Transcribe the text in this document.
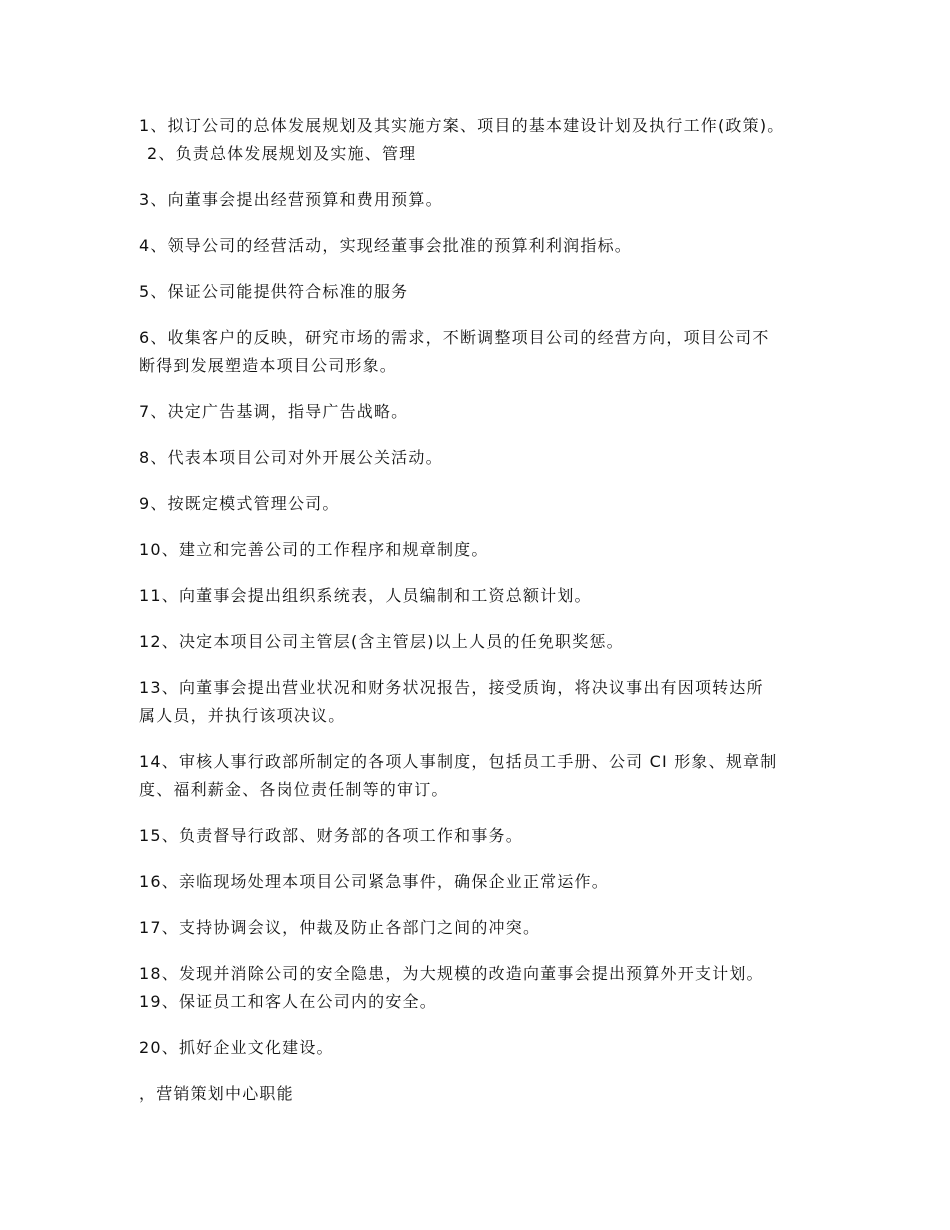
1、拟订公司的总体发展规划及其实施方案、项目的基本建设计划及执行工作(政策)。

2、负责总体发展规划及实施、管理

3、向董事会提出经营预算和费用预算。

4、领导公司的经营活动，实现经董事会批准的预算利利润指标。

5、保证公司能提供符合标准的服务

6、收集客户的反映，研究市场的需求，不断调整项目公司的经营方向，项目公司不

断得到发展塑造本项目公司形象。

7、决定广告基调，指导广告战略。

8、代表本项目公司对外开展公关活动。

9、按既定模式管理公司。

10、建立和完善公司的工作程序和规章制度。

11、向董事会提出组织系统表，人员编制和工资总额计划。

12、决定本项目公司主管层(含主管层)以上人员的任免职奖惩。

13、向董事会提出营业状况和财务状况报告，接受质询，将决议事出有因项转达所

属人员，并执行该项决议。

14、审核人事行政部所制定的各项人事制度，包括员工手册、公司 CI 形象、规章制

度、福利薪金、各岗位责任制等的审订。

15、负责督导行政部、财务部的各项工作和事务。

16、亲临现场处理本项目公司紧急事件，确保企业正常运作。

17、支持协调会议，仲裁及防止各部门之间的冲突。

18、发现并消除公司的安全隐患，为大规模的改造向董事会提出预算外开支计划。

19、保证员工和客人在公司内的安全。

20、抓好企业文化建设。

，营销策划中心职能
